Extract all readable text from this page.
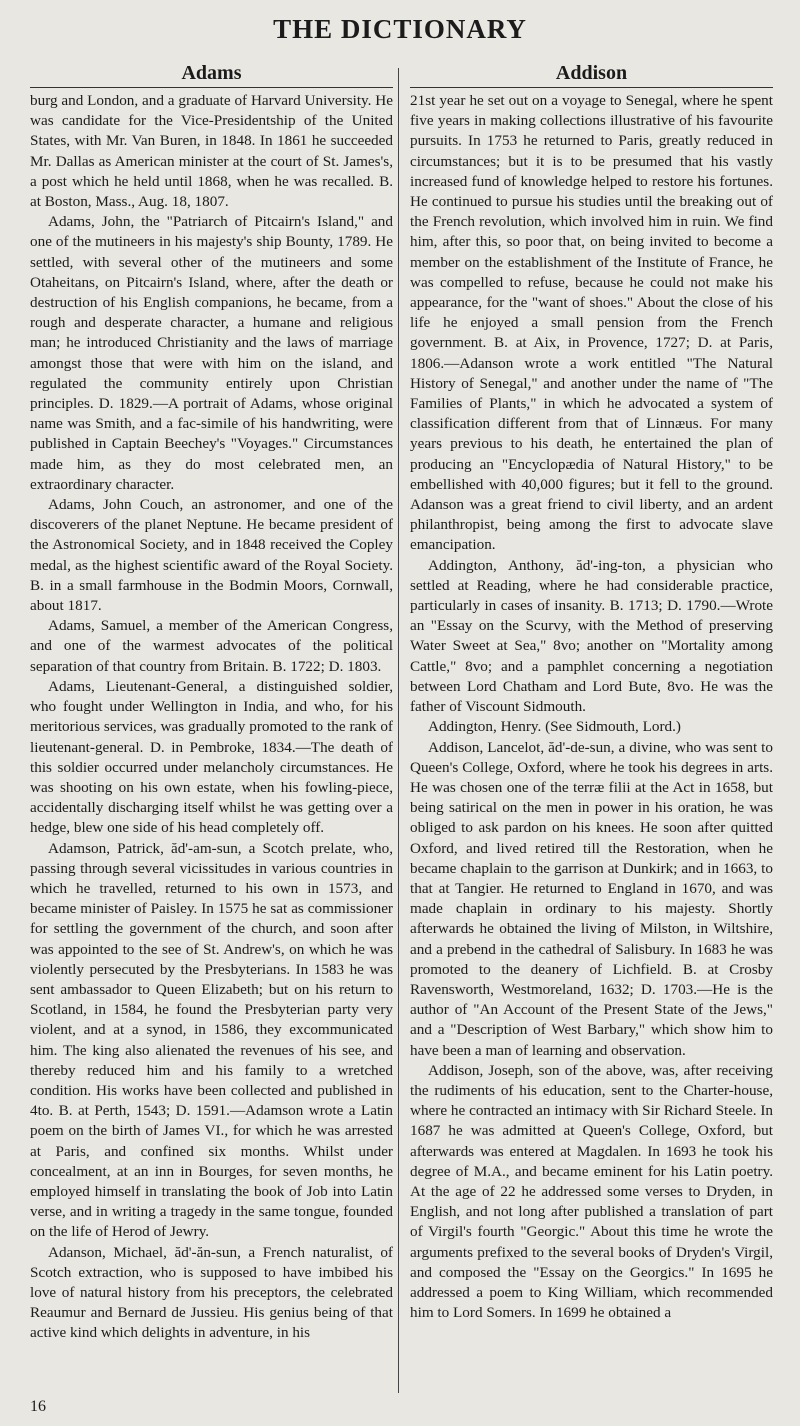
THE DICTIONARY
Adams

burg and London, and a graduate of Harvard University. He was candidate for the Vice-Presidentship of the United States, with Mr. Van Buren, in 1848. In 1861 he succeeded Mr. Dallas as American minister at the court of St. James's, a post which he held until 1868, when he was recalled. B. at Boston, Mass., Aug. 18, 1807.

Adams, John, the "Patriarch of Pitcairn's Island," and one of the mutineers in his majesty's ship Bounty, 1789. He settled, with several other of the mutineers and some Otaheitans, on Pitcairn's Island, where, after the death or destruction of his English companions, he became, from a rough and desperate character, a humane and religious man; he introduced Christianity and the laws of marriage amongst those that were with him on the island, and regulated the community entirely upon Christian principles. D. 1829.—A portrait of Adams, whose original name was Smith, and a fac-simile of his handwriting, were published in Captain Beechey's "Voyages." Circumstances made him, as they do most celebrated men, an extraordinary character.

Adams, John Couch, an astronomer, and one of the discoverers of the planet Neptune. He became president of the Astronomical Society, and in 1848 received the Copley medal, as the highest scientific award of the Royal Society. B. in a small farmhouse in the Bodmin Moors, Cornwall, about 1817.

Adams, Samuel, a member of the American Congress, and one of the warmest advocates of the political separation of that country from Britain. B. 1722; D. 1803.

Adams, Lieutenant-General, a distinguished soldier, who fought under Wellington in India, and who, for his meritorious services, was gradually promoted to the rank of lieutenant-general. D. in Pembroke, 1834.—The death of this soldier occurred under melancholy circumstances. He was shooting on his own estate, when his fowling-piece, accidentally discharging itself whilst he was getting over a hedge, blew one side of his head completely off.

Adamson, Patrick, ăd'-am-sun, a Scotch prelate, who, passing through several vicissitudes in various countries in which he travelled, returned to his own in 1573, and became minister of Paisley. In 1575 he sat as commissioner for settling the government of the church, and soon after was appointed to the see of St. Andrew's, on which he was violently persecuted by the Presbyterians. In 1583 he was sent ambassador to Queen Elizabeth; but on his return to Scotland, in 1584, he found the Presbyterian party very violent, and at a synod, in 1586, they excommunicated him. The king also alienated the revenues of his see, and thereby reduced him and his family to a wretched condition. His works have been collected and published in 4to. B. at Perth, 1543; D. 1591.—Adamson wrote a Latin poem on the birth of James VI., for which he was arrested at Paris, and confined six months. Whilst under concealment, at an inn in Bourges, for seven months, he employed himself in translating the book of Job into Latin verse, and in writing a tragedy in the same tongue, founded on the life of Herod of Jewry.

Adanson, Michael, ăd'-ăn-sun, a French naturalist, of Scotch extraction, who is supposed to have imbibed his love of natural history from his preceptors, the celebrated Reaumur and Bernard de Jussieu. His genius being of that active kind which delights in adventure, in his

Addison

21st year he set out on a voyage to Senegal, where he spent five years in making collections illustrative of his favourite pursuits. In 1753 he returned to Paris, greatly reduced in circumstances; but it is to be presumed that his vastly increased fund of knowledge helped to restore his fortunes. He continued to pursue his studies until the breaking out of the French revolution, which involved him in ruin. We find him, after this, so poor that, on being invited to become a member on the establishment of the Institute of France, he was compelled to refuse, because he could not make his appearance, for the "want of shoes." About the close of his life he enjoyed a small pension from the French government. B. at Aix, in Provence, 1727; D. at Paris, 1806.—Adanson wrote a work entitled "The Natural History of Senegal," and another under the name of "The Families of Plants," in which he advocated a system of classification different from that of Linnæus. For many years previous to his death, he entertained the plan of producing an "Encyclopædia of Natural History," to be embellished with 40,000 figures; but it fell to the ground. Adanson was a great friend to civil liberty, and an ardent philanthropist, being among the first to advocate slave emancipation.

Addington, Anthony, ăd'-ing-ton, a physician who settled at Reading, where he had considerable practice, particularly in cases of insanity. B. 1713; D. 1790.—Wrote an "Essay on the Scurvy, with the Method of preserving Water Sweet at Sea," 8vo; another on "Mortality among Cattle," 8vo; and a pamphlet concerning a negotiation between Lord Chatham and Lord Bute, 8vo. He was the father of Viscount Sidmouth.

Addington, Henry. (See Sidmouth, Lord.)

Addison, Lancelot, ăd'-de-sun, a divine, who was sent to Queen's College, Oxford, where he took his degrees in arts. He was chosen one of the terræ filii at the Act in 1658, but being satirical on the men in power in his oration, he was obliged to ask pardon on his knees. He soon after quitted Oxford, and lived retired till the Restoration, when he became chaplain to the garrison at Dunkirk; and in 1663, to that at Tangier. He returned to England in 1670, and was made chaplain in ordinary to his majesty. Shortly afterwards he obtained the living of Milston, in Wiltshire, and a prebend in the cathedral of Salisbury. In 1683 he was promoted to the deanery of Lichfield. B. at Crosby Ravensworth, Westmoreland, 1632; D. 1703.—He is the author of "An Account of the Present State of the Jews," and a "Description of West Barbary," which show him to have been a man of learning and observation.

Addison, Joseph, son of the above, was, after receiving the rudiments of his education, sent to the Charter-house, where he contracted an intimacy with Sir Richard Steele. In 1687 he was admitted at Queen's College, Oxford, but afterwards was entered at Magdalen. In 1693 he took his degree of M.A., and became eminent for his Latin poetry. At the age of 22 he addressed some verses to Dryden, in English, and not long after published a translation of part of Virgil's fourth "Georgic." About this time he wrote the arguments prefixed to the several books of Dryden's Virgil, and composed the "Essay on the Georgics." In 1695 he addressed a poem to King William, which recommended him to Lord Somers. In 1699 he obtained a

16
